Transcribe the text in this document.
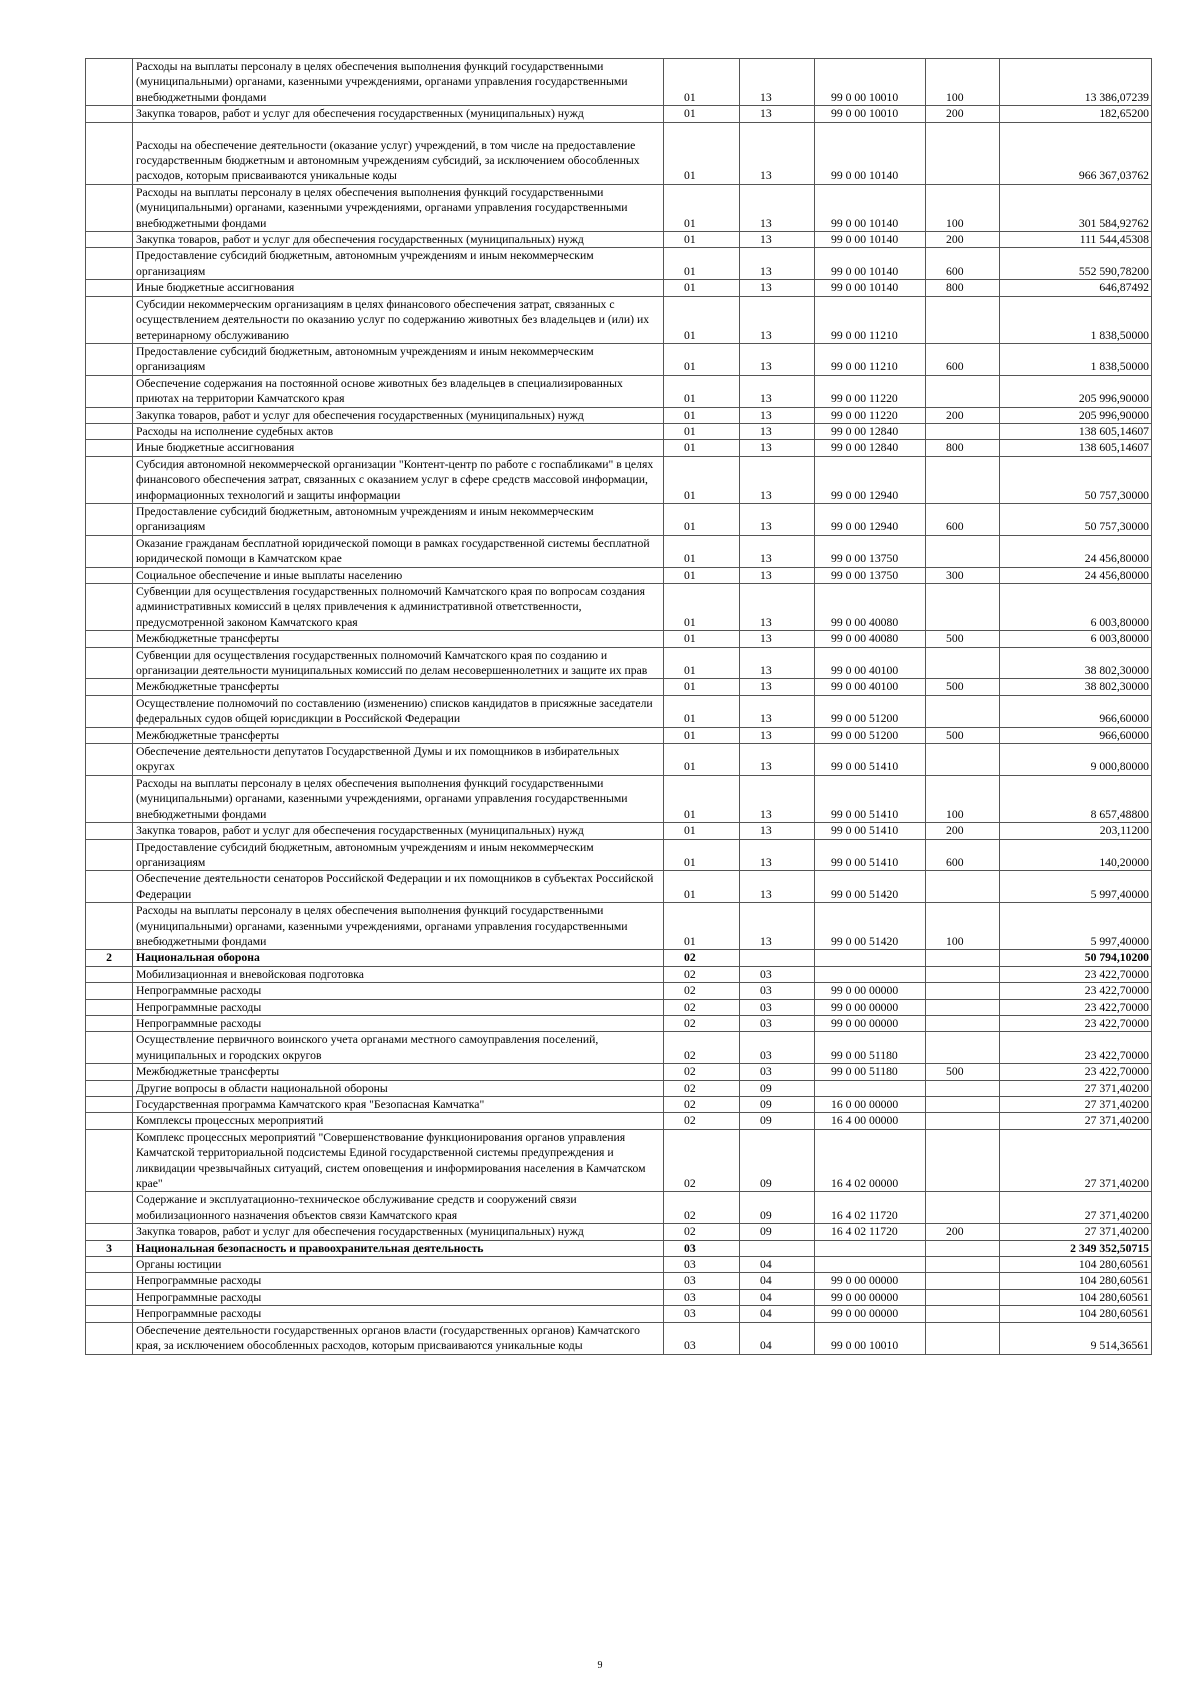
	Расходы на выплаты персоналу в целях обеспечения выполнения функций государственными (муниципальными) органами, казенными учреждениями, органами управления государственными внебюджетными фондами	01	13	99 0 00 10010	100	13 386,07239
	Закупка товаров, работ и услуг для обеспечения государственных (муниципальных) нужд	01	13	99 0 00 10010	200	182,65200
	Расходы на обеспечение деятельности (оказание услуг) учреждений, в том числе на предоставление государственным бюджетным и автономным учреждениям субсидий, за исключением обособленных расходов, которым присваиваются уникальные коды	01	13	99 0 00 10140		966 367,03762
	Расходы на выплаты персоналу в целях обеспечения выполнения функций государственными (муниципальными) органами, казенными учреждениями, органами управления государственными внебюджетными фондами	01	13	99 0 00 10140	100	301 584,92762
	Закупка товаров, работ и услуг для обеспечения государственных (муниципальных) нужд	01	13	99 0 00 10140	200	111 544,45308
	Предоставление субсидий бюджетным, автономным учреждениям и иным некоммерческим организациям	01	13	99 0 00 10140	600	552 590,78200
	Иные бюджетные ассигнования	01	13	99 0 00 10140	800	646,87492
	Субсидии некоммерческим организациям в целях финансового обеспечения затрат, связанных с осуществлением деятельности по оказанию услуг по содержанию животных без владельцев и (или) их ветеринарному обслуживанию	01	13	99 0 00 11210		1 838,50000
	Предоставление субсидий бюджетным, автономным учреждениям и иным некоммерческим организациям	01	13	99 0 00 11210	600	1 838,50000
	Обеспечение содержания на постоянной основе животных без владельцев в специализированных приютах на территории Камчатского края	01	13	99 0 00 11220		205 996,90000
	Закупка товаров, работ и услуг для обеспечения государственных (муниципальных) нужд	01	13	99 0 00 11220	200	205 996,90000
	Расходы на исполнение судебных актов	01	13	99 0 00 12840		138 605,14607
	Иные бюджетные ассигнования	01	13	99 0 00 12840	800	138 605,14607
	Субсидия автономной некоммерческой организации "Контент-центр по работе с госпабликами" в целях финансового обеспечения затрат, связанных с оказанием услуг в сфере средств массовой информации, информационных технологий и защиты информации	01	13	99 0 00 12940		50 757,30000
	Предоставление субсидий бюджетным, автономным учреждениям и иным некоммерческим организациям	01	13	99 0 00 12940	600	50 757,30000
	Оказание гражданам бесплатной юридической помощи в рамках государственной системы бесплатной юридической помощи в Камчатском крае	01	13	99 0 00 13750		24 456,80000
	Социальное обеспечение и иные выплаты населению	01	13	99 0 00 13750	300	24 456,80000
	Субвенции для осуществления государственных полномочий Камчатского края по вопросам создания административных комиссий в целях привлечения к административной ответственности, предусмотренной законом Камчатского края	01	13	99 0 00 40080		6 003,80000
	Межбюджетные трансферты	01	13	99 0 00 40080	500	6 003,80000
	Субвенции для осуществления государственных полномочий Камчатского края по созданию и организации деятельности муниципальных комиссий по делам несовершеннолетних и защите их прав	01	13	99 0 00 40100		38 802,30000
	Межбюджетные трансферты	01	13	99 0 00 40100	500	38 802,30000
	Осуществление полномочий по составлению (изменению) списков кандидатов в присяжные заседатели федеральных судов общей юрисдикции в Российской Федерации	01	13	99 0 00 51200		966,60000
	Межбюджетные трансферты	01	13	99 0 00 51200	500	966,60000
	Обеспечение деятельности депутатов Государственной Думы и их помощников в избирательных округах	01	13	99 0 00 51410		9 000,80000
	Расходы на выплаты персоналу в целях обеспечения выполнения функций государственными (муниципальными) органами, казенными учреждениями, органами управления государственными внебюджетными фондами	01	13	99 0 00 51410	100	8 657,48800
	Закупка товаров, работ и услуг для обеспечения государственных (муниципальных) нужд	01	13	99 0 00 51410	200	203,11200
	Предоставление субсидий бюджетным, автономным учреждениям и иным некоммерческим организациям	01	13	99 0 00 51410	600	140,20000
	Обеспечение деятельности сенаторов Российской Федерации и их помощников в субъектах Российской Федерации	01	13	99 0 00 51420		5 997,40000
	Расходы на выплаты персоналу в целях обеспечения выполнения функций государственными (муниципальными) органами, казенными учреждениями, органами управления государственными внебюджетными фондами	01	13	99 0 00 51420	100	5 997,40000
2	Национальная оборона	02				50 794,10200
	Мобилизационная и вневойсковая подготовка	02	03			23 422,70000
	Непрограммные расходы	02	03	99 0 00 00000		23 422,70000
	Непрограммные расходы	02	03	99 0 00 00000		23 422,70000
	Непрограммные расходы	02	03	99 0 00 00000		23 422,70000
	Осуществление первичного воинского учета органами местного самоуправления поселений, муниципальных и городских округов	02	03	99 0 00 51180		23 422,70000
	Межбюджетные трансферты	02	03	99 0 00 51180	500	23 422,70000
	Другие вопросы в области национальной обороны	02	09			27 371,40200
	Государственная программа Камчатского края "Безопасная Камчатка"	02	09	16 0 00 00000		27 371,40200
	Комплексы процессных мероприятий	02	09	16 4 00 00000		27 371,40200
	Комплекс процессных мероприятий "Совершенствование функционирования органов управления Камчатской территориальной подсистемы Единой государственной системы предупреждения и ликвидации чрезвычайных ситуаций, систем оповещения и информирования населения в Камчатском крае"	02	09	16 4 02 00000		27 371,40200
	Содержание и эксплуатационно-техническое обслуживание средств и сооружений связи мобилизационного назначения объектов связи Камчатского края	02	09	16 4 02 11720		27 371,40200
	Закупка товаров, работ и услуг для обеспечения государственных (муниципальных) нужд	02	09	16 4 02 11720	200	27 371,40200
3	Национальная безопасность и правоохранительная деятельность	03				2 349 352,50715
	Органы юстиции	03	04			104 280,60561
	Непрограммные расходы	03	04	99 0 00 00000		104 280,60561
	Непрограммные расходы	03	04	99 0 00 00000		104 280,60561
	Непрограммные расходы	03	04	99 0 00 00000		104 280,60561
	Обеспечение деятельности государственных органов власти (государственных органов) Камчатского края, за исключением обособленных расходов, которым присваиваются уникальные коды	03	04	99 0 00 10010		9 514,36561
9
